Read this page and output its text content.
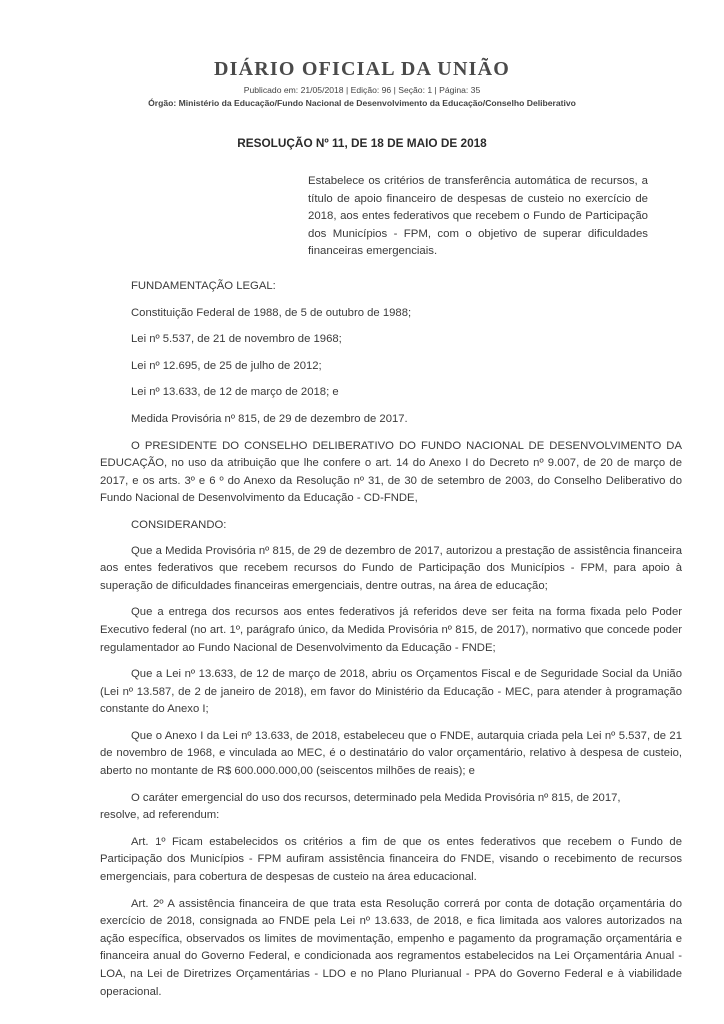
DIÁRIO OFICIAL DA UNIÃO
Publicado em: 21/05/2018 | Edição: 96 | Seção: 1 | Página: 35
Órgão: Ministério da Educação/Fundo Nacional de Desenvolvimento da Educação/Conselho Deliberativo
RESOLUÇÃO Nº 11, DE 18 DE MAIO DE 2018
Estabelece os critérios de transferência automática de recursos, a título de apoio financeiro de despesas de custeio no exercício de 2018, aos entes federativos que recebem o Fundo de Participação dos Municípios - FPM, com o objetivo de superar dificuldades financeiras emergenciais.
FUNDAMENTAÇÃO LEGAL:
Constituição Federal de 1988, de 5 de outubro de 1988;
Lei nº 5.537, de 21 de novembro de 1968;
Lei nº 12.695, de 25 de julho de 2012;
Lei nº 13.633, de 12 de março de 2018; e
Medida Provisória nº 815, de 29 de dezembro de 2017.

O PRESIDENTE DO CONSELHO DELIBERATIVO DO FUNDO NACIONAL DE DESENVOLVIMENTO DA EDUCAÇÃO, no uso da atribuição que lhe confere o art. 14 do Anexo I do Decreto nº 9.007, de 20 de março de 2017, e os arts. 3º e 6 º do Anexo da Resolução nº 31, de 30 de setembro de 2003, do Conselho Deliberativo do Fundo Nacional de Desenvolvimento da Educação - CD-FNDE,

CONSIDERANDO:

Que a Medida Provisória nº 815, de 29 de dezembro de 2017, autorizou a prestação de assistência financeira aos entes federativos que recebem recursos do Fundo de Participação dos Municípios - FPM, para apoio à superação de dificuldades financeiras emergenciais, dentre outras, na área de educação;

Que a entrega dos recursos aos entes federativos já referidos deve ser feita na forma fixada pelo Poder Executivo federal (no art. 1º, parágrafo único, da Medida Provisória nº 815, de 2017), normativo que concede poder regulamentador ao Fundo Nacional de Desenvolvimento da Educação - FNDE;

Que a Lei nº 13.633, de 12 de março de 2018, abriu os Orçamentos Fiscal e de Seguridade Social da União (Lei nº 13.587, de 2 de janeiro de 2018), em favor do Ministério da Educação - MEC, para atender à programação constante do Anexo I;

Que o Anexo I da Lei nº 13.633, de 2018, estabeleceu que o FNDE, autarquia criada pela Lei nº 5.537, de 21 de novembro de 1968, e vinculada ao MEC, é o destinatário do valor orçamentário, relativo à despesa de custeio, aberto no montante de R$ 600.000.000,00 (seiscentos milhões de reais); e

O caráter emergencial do uso dos recursos, determinado pela Medida Provisória nº 815, de 2017,

resolve, ad referendum:

Art. 1º Ficam estabelecidos os critérios a fim de que os entes federativos que recebem o Fundo de Participação dos Municípios - FPM aufiram assistência financeira do FNDE, visando o recebimento de recursos emergenciais, para cobertura de despesas de custeio na área educacional.

Art. 2º A assistência financeira de que trata esta Resolução correrá por conta de dotação orçamentária do exercício de 2018, consignada ao FNDE pela Lei nº 13.633, de 2018, e fica limitada aos valores autorizados na ação específica, observados os limites de movimentação, empenho e pagamento da programação orçamentária e financeira anual do Governo Federal, e condicionada aos regramentos estabelecidos na Lei Orçamentária Anual - LOA, na Lei de Diretrizes Orçamentárias - LDO e no Plano Plurianual - PPA do Governo Federal e à viabilidade operacional.
